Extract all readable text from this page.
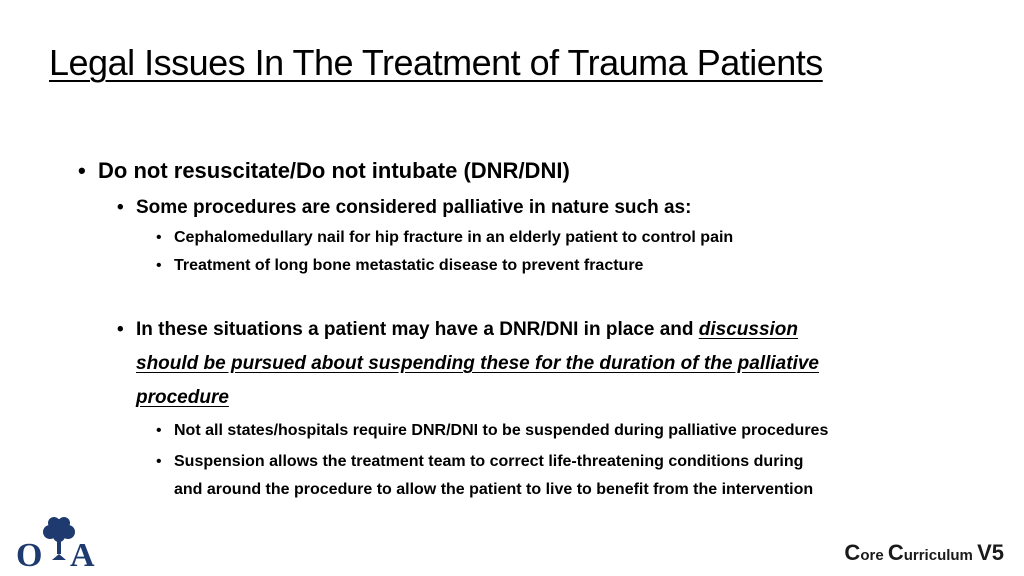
Legal Issues In The Treatment of Trauma Patients
• Do not resuscitate/Do not intubate (DNR/DNI)
• Some procedures are considered palliative in nature such as:
• Cephalomedullary nail for hip fracture in an elderly patient to control pain
• Treatment of long bone metastatic disease to prevent fracture
• In these situations a patient may have a DNR/DNI in place and discussion
should be pursued about suspending these for the duration of the palliative
procedure
• Not all states/hospitals require DNR/DNI to be suspended during palliative procedures
• Suspension allows the treatment team to correct life-threatening conditions during
and around the procedure to allow the patient to live to benefit from the intervention
O A	Core Curriculum V5
